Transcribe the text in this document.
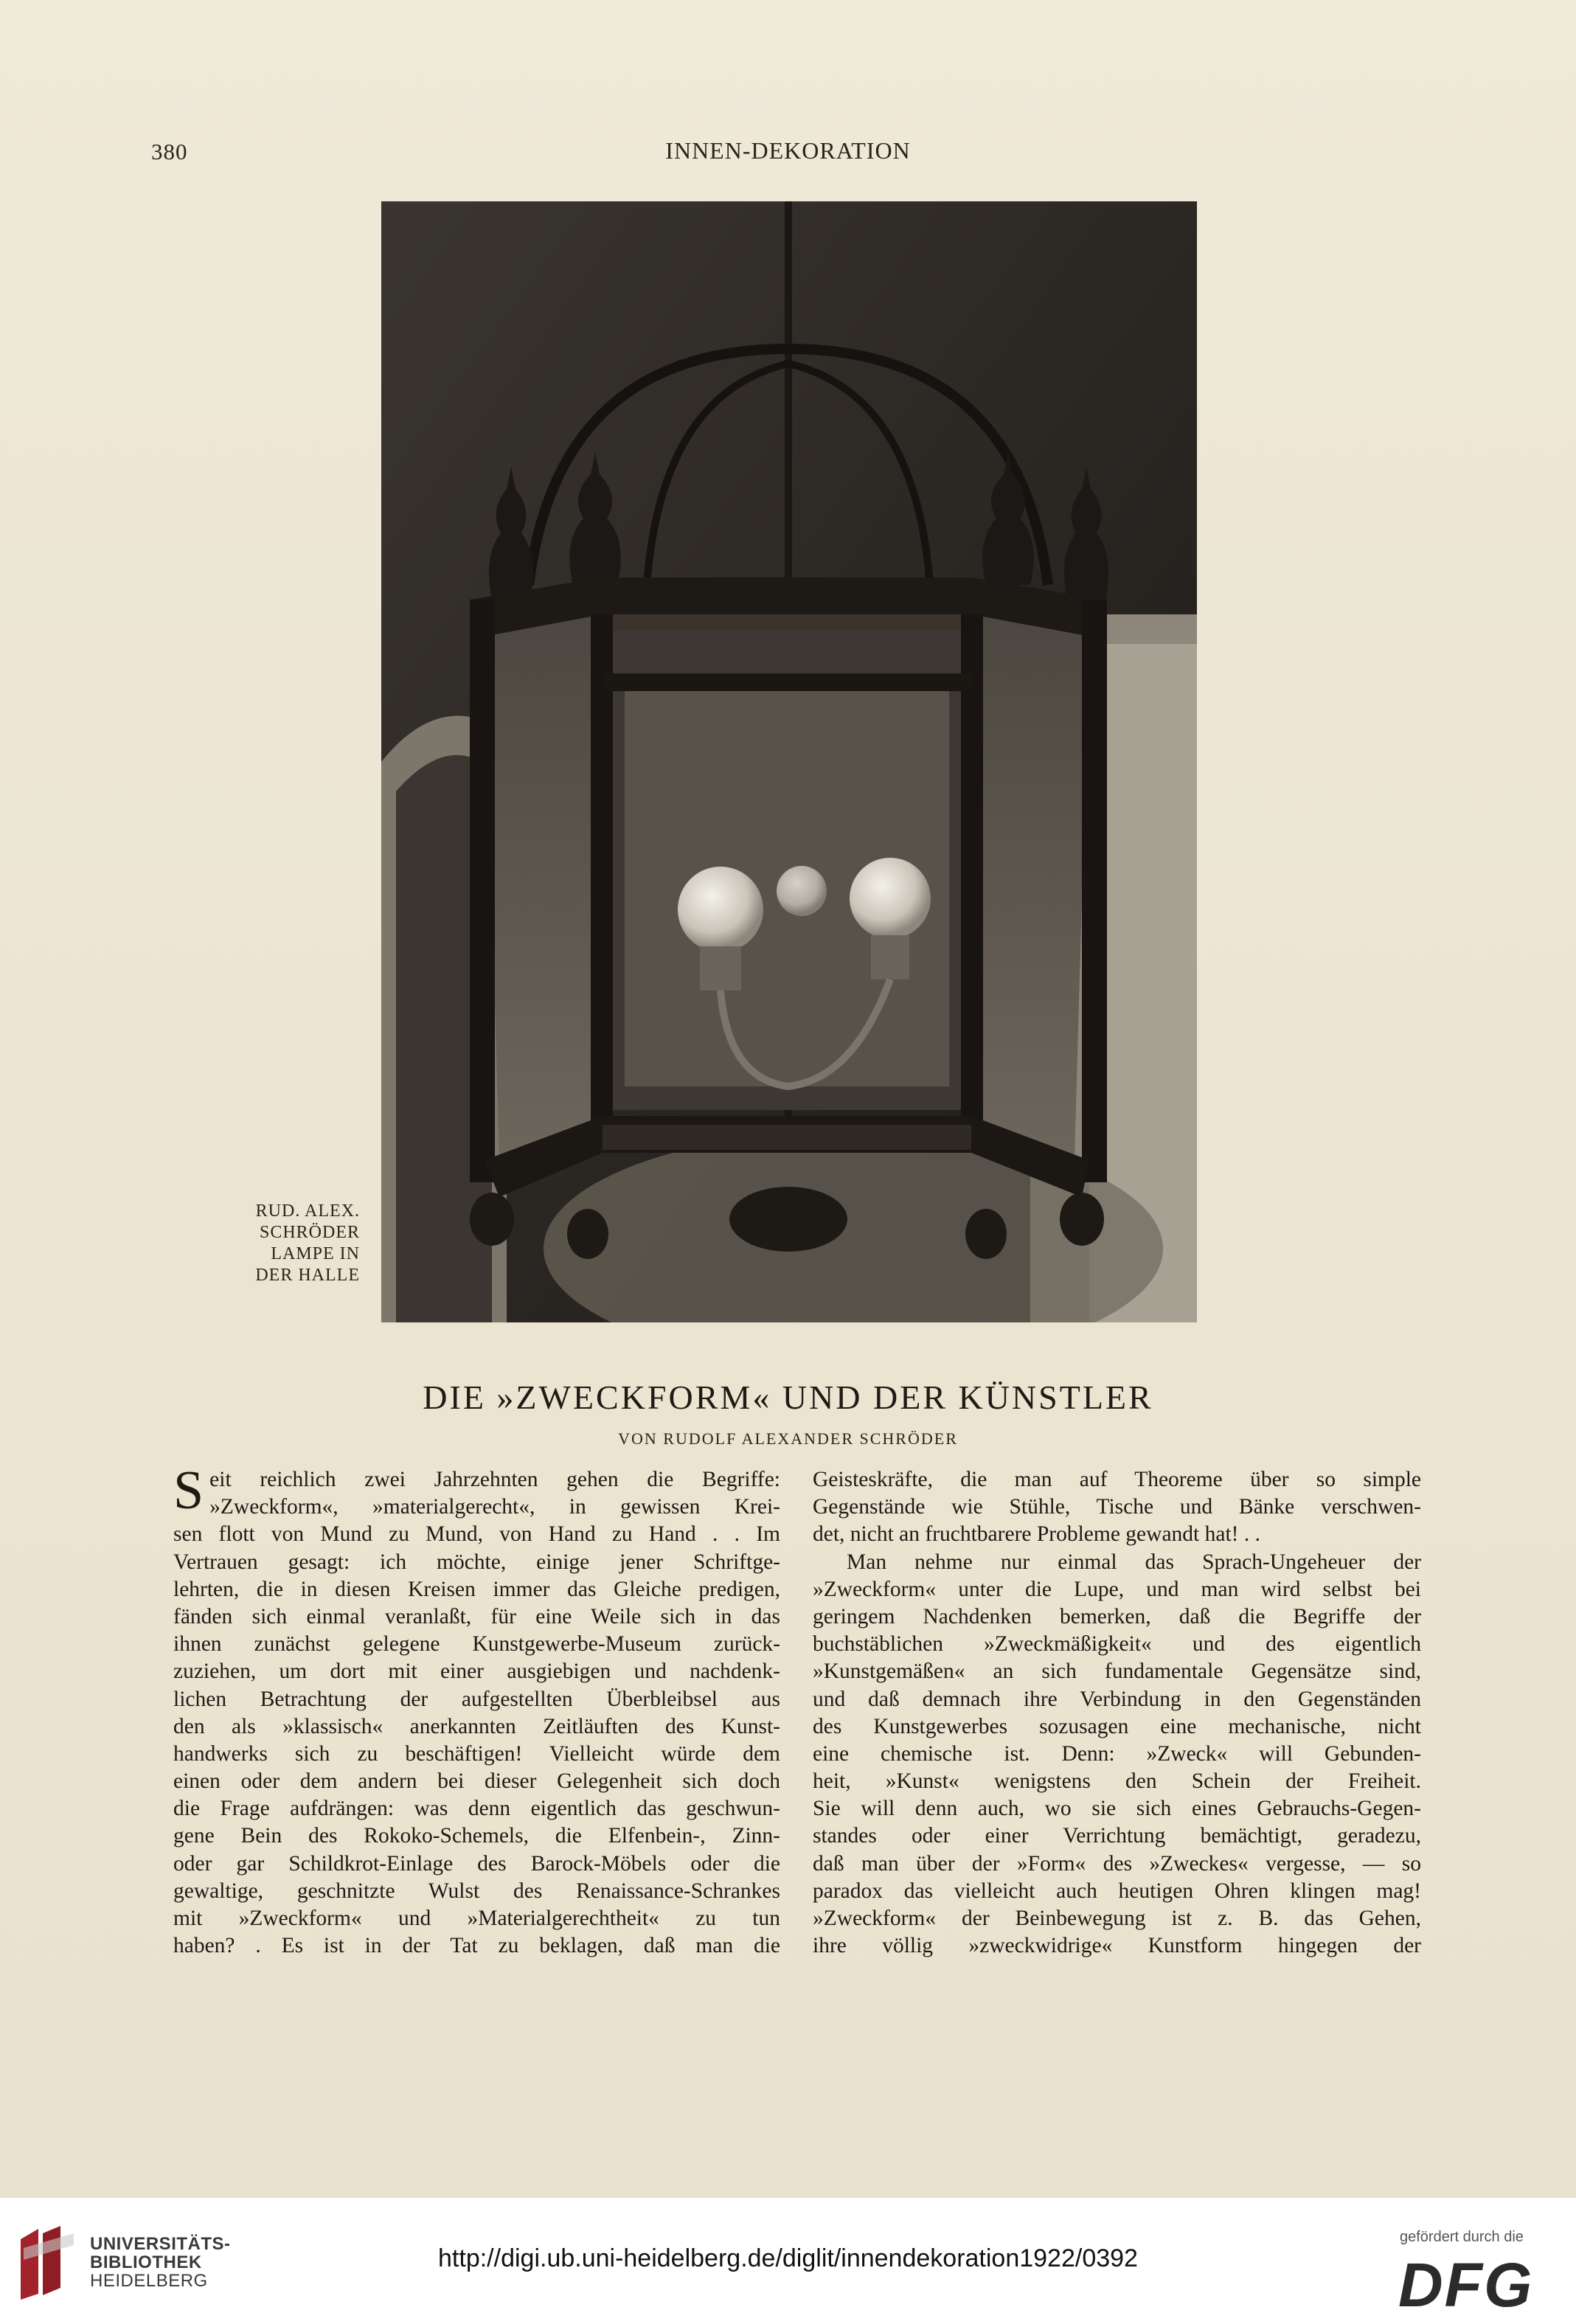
380	INNEN-DEKORATION
RUD. ALEX.
SCHRÖDER
LAMPE IN
DER HALLE
DIE »ZWECKFORM« UND DER KÜNSTLER
VON RUDOLF ALEXANDER SCHRÖDER
S eit reichlich zwei Jahrzehnten gehen die Begriffe:
»Zweckform«, »materialgerecht«, in gewissen Krei-
sen flott von Mund zu Mund, von Hand zu Hand . . Im
Vertrauen gesagt: ich möchte, einige jener Schriftge-
lehrten, die in diesen Kreisen immer das Gleiche predigen,
fänden sich einmal veranlaßt, für eine Weile sich in das
ihnen zunächst gelegene Kunstgewerbe-Museum zurück-
zuziehen, um dort mit einer ausgiebigen und nachdenk-
lichen Betrachtung der aufgestellten Überbleibsel aus
den als »klassisch« anerkannten Zeitläuften des Kunst-
handwerks sich zu beschäftigen! Vielleicht würde dem
einen oder dem andern bei dieser Gelegenheit sich doch
die Frage aufdrängen: was denn eigentlich das geschwun-
gene Bein des Rokoko-Schemels, die Elfenbein-, Zinn-
oder gar Schildkrot-Einlage des Barock-Möbels oder die
gewaltige, geschnitzte Wulst des Renaissance-Schrankes
mit »Zweckform« und »Materialgerechtheit« zu tun
haben? . Es ist in der Tat zu beklagen, daß man die
Geisteskräfte, die man auf Theoreme über so simple
Gegenstände wie Stühle, Tische und Bänke verschwen-
det, nicht an fruchtbarere Probleme gewandt hat! . .
Man nehme nur einmal das Sprach-Ungeheuer der
»Zweckform« unter die Lupe, und man wird selbst bei
geringem Nachdenken bemerken, daß die Begriffe der
buchstäblichen »Zweckmäßigkeit« und des eigentlich
»Kunstgemäßen« an sich fundamentale Gegensätze sind,
und daß demnach ihre Verbindung in den Gegenständen
des Kunstgewerbes sozusagen eine mechanische, nicht
eine chemische ist. Denn: »Zweck« will Gebunden-
heit, »Kunst« wenigstens den Schein der Freiheit.
Sie will denn auch, wo sie sich eines Gebrauchs-Gegen-
standes oder einer Verrichtung bemächtigt, geradezu,
daß man über der »Form« des »Zweckes« vergesse, — so
paradox das vielleicht auch heutigen Ohren klingen mag!
»Zweckform« der Beinbewegung ist z. B. das Gehen,
ihre völlig »zweckwidrige« Kunstform hingegen der
UNIVERSITÄTS-
BIBLIOTHEK
HEIDELBERG
http://digi.ub.uni-heidelberg.de/diglit/innendekoration1922/0392
gefördert durch die
DFG
